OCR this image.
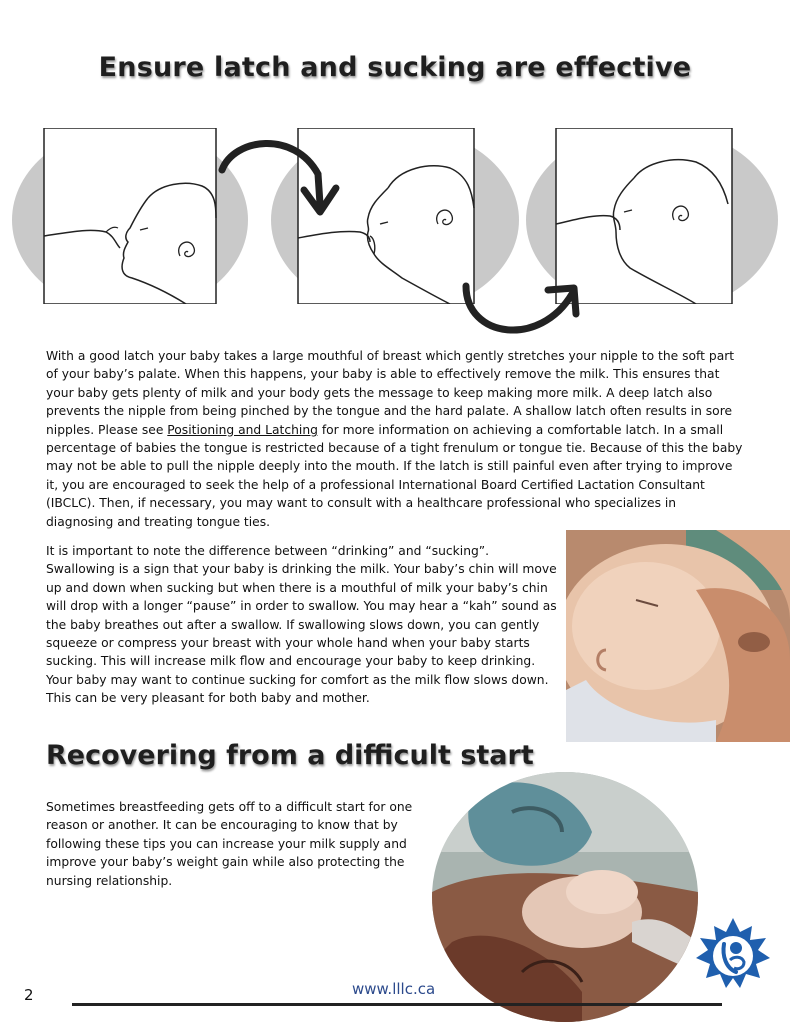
Ensure latch and sucking are effective
With a good latch your baby takes a large mouthful of breast which gently stretches your nipple to the soft part of your baby’s palate. When this happens, your baby is able to effectively remove the milk. This ensures that your baby gets plenty of milk and your body gets the message to keep making more milk. A deep latch also prevents the nipple from being pinched by the tongue and the hard palate. A shallow latch often results in sore nipples. Please see Positioning and Latching for more information on achieving a comfortable latch. In a small percentage of babies the tongue is restricted because of a tight frenulum or tongue tie. Because of this the baby may not be able to pull the nipple deeply into the mouth. If the latch is still painful even after trying to improve it, you are encouraged to seek the help of a professional International Board Certified Lactation Consultant (IBCLC). Then, if necessary, you may want to consult with a healthcare professional who specializes in diagnosing and treating tongue ties.
It is important to note the difference between “drinking” and “sucking”. Swallowing is a sign that your baby is drinking the milk. Your baby’s chin will move up and down when sucking but when there is a mouthful of milk your baby’s chin will drop with a longer “pause” in order to swallow. You may hear a “kah” sound as the baby breathes out after a swallow. If swallowing slows down, you can gently squeeze or compress your breast with your whole hand when your baby starts sucking. This will increase milk flow and encourage your baby to keep drinking. Your baby may want to continue sucking for comfort as the milk flow slows down. This can be very pleasant for both baby and mother.
Recovering from a difficult start
Sometimes breastfeeding gets off to a difficult start for one reason or another. It can be encouraging to know that by following these tips you can increase your milk supply and improve your baby’s weight gain while also protecting the nursing relationship.
2	www.lllc.ca
